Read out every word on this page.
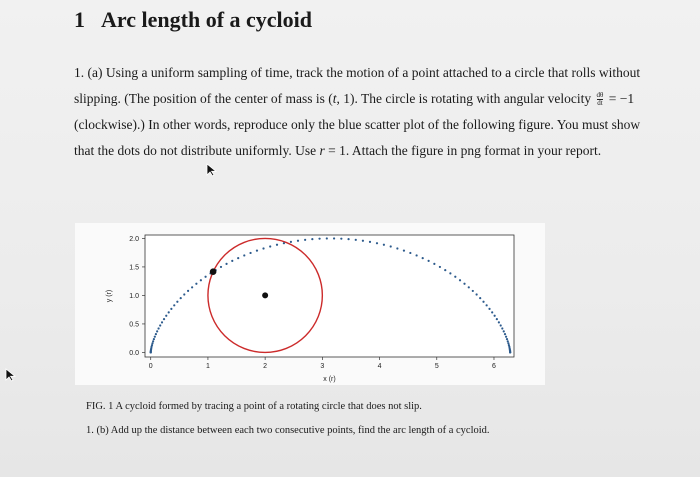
1 Arc length of a cycloid

1. (a) Using a uniform sampling of time, track the motion of a point attached to a circle that rolls without
slipping. (The position of the center of mass is (t, 1). The circle is rotating with angular velocity $\frac{d\theta}{dt} = -1$
(clockwise).) In other words, reproduce only the blue scatter plot of the following figure. You must show
that the dots do not distribute uniformly. Use r = 1. Attach the figure in png format in your report.

0	1	2	3	4	5	6
0.0
0.5
1.0
1.5
2.0
x (r)
y (r)
FIG. 1 A cycloid formed by tracing a point of a rotating circle that does not slip.
1. (b) Add up the distance between each two consecutive points, find the arc length of a cycloid.
